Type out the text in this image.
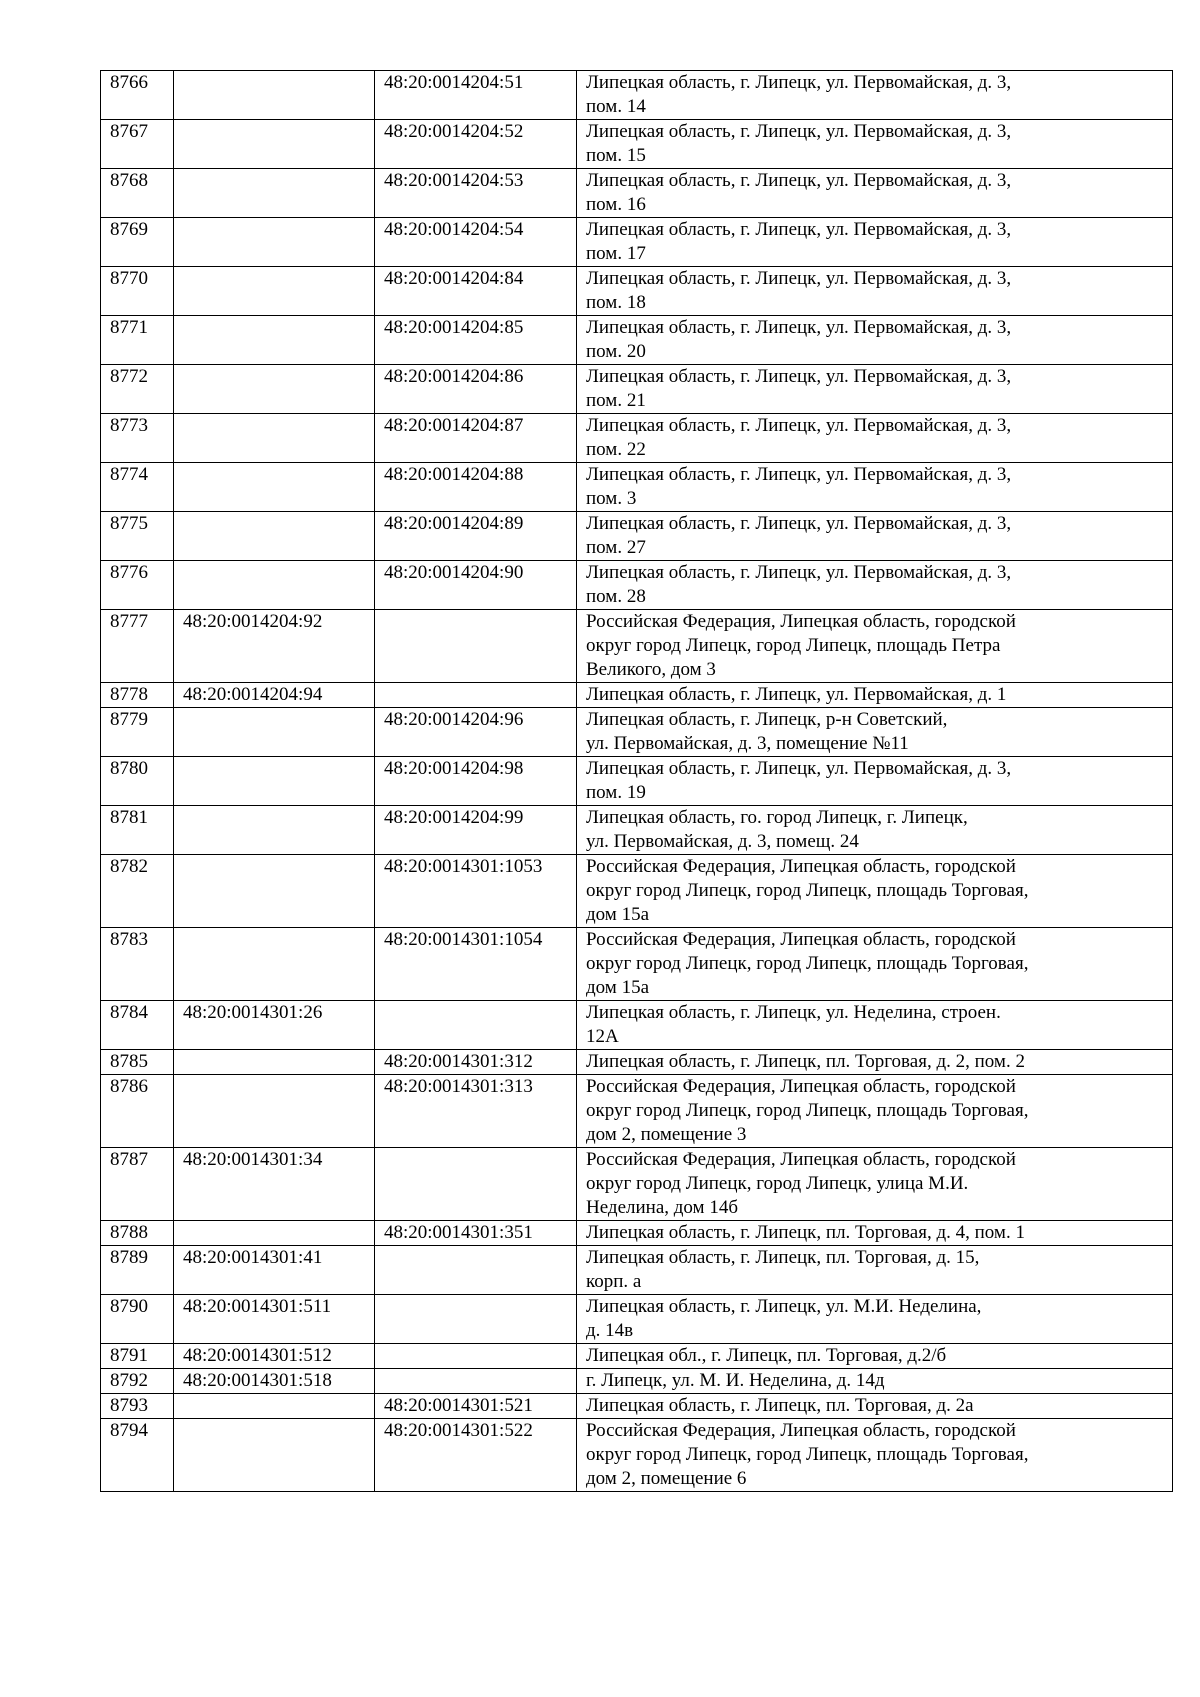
8766		48:20:0014204:51	Липецкая область, г. Липецк, ул. Первомайская, д. 3,
пом. 14
8767		48:20:0014204:52	Липецкая область, г. Липецк, ул. Первомайская, д. 3,
пом. 15
8768		48:20:0014204:53	Липецкая область, г. Липецк, ул. Первомайская, д. 3,
пом. 16
8769		48:20:0014204:54	Липецкая область, г. Липецк, ул. Первомайская, д. 3,
пом. 17
8770		48:20:0014204:84	Липецкая область, г. Липецк, ул. Первомайская, д. 3,
пом. 18
8771		48:20:0014204:85	Липецкая область, г. Липецк, ул. Первомайская, д. 3,
пом. 20
8772		48:20:0014204:86	Липецкая область, г. Липецк, ул. Первомайская, д. 3,
пом. 21
8773		48:20:0014204:87	Липецкая область, г. Липецк, ул. Первомайская, д. 3,
пом. 22
8774		48:20:0014204:88	Липецкая область, г. Липецк, ул. Первомайская, д. 3,
пом. 3
8775		48:20:0014204:89	Липецкая область, г. Липецк, ул. Первомайская, д. 3,
пом. 27
8776		48:20:0014204:90	Липецкая область, г. Липецк, ул. Первомайская, д. 3,
пом. 28
8777	48:20:0014204:92		Российская Федерация, Липецкая область, городской
округ город Липецк, город Липецк, площадь Петра
Великого, дом 3
8778	48:20:0014204:94		Липецкая область, г. Липецк, ул. Первомайская, д. 1
8779		48:20:0014204:96	Липецкая область, г. Липецк, р-н Советский,
ул. Первомайская, д. 3, помещение №11
8780		48:20:0014204:98	Липецкая область, г. Липецк, ул. Первомайская, д. 3,
пом. 19
8781		48:20:0014204:99	Липецкая область, го. город Липецк, г. Липецк,
ул. Первомайская, д. 3, помещ. 24
8782		48:20:0014301:1053	Российская Федерация, Липецкая область, городской
округ город Липецк, город Липецк, площадь Торговая,
дом 15а
8783		48:20:0014301:1054	Российская Федерация, Липецкая область, городской
округ город Липецк, город Липецк, площадь Торговая,
дом 15а
8784	48:20:0014301:26		Липецкая область, г. Липецк, ул. Неделина, строен.
12А
8785		48:20:0014301:312	Липецкая область, г. Липецк, пл. Торговая, д. 2, пом. 2
8786		48:20:0014301:313	Российская Федерация, Липецкая область, городской
округ город Липецк, город Липецк, площадь Торговая,
дом 2, помещение 3
8787	48:20:0014301:34		Российская Федерация, Липецкая область, городской
округ город Липецк, город Липецк, улица М.И.
Неделина, дом 14б
8788		48:20:0014301:351	Липецкая область, г. Липецк, пл. Торговая, д. 4, пом. 1
8789	48:20:0014301:41		Липецкая область, г. Липецк, пл. Торговая, д. 15,
корп. а
8790	48:20:0014301:511		Липецкая область, г. Липецк, ул. М.И. Неделина,
д. 14в
8791	48:20:0014301:512		Липецкая обл., г. Липецк, пл. Торговая, д.2/б
8792	48:20:0014301:518		г. Липецк, ул. М. И. Неделина, д. 14д
8793		48:20:0014301:521	Липецкая область, г. Липецк, пл. Торговая, д. 2а
8794		48:20:0014301:522	Российская Федерация, Липецкая область, городской
округ город Липецк, город Липецк, площадь Торговая,
дом 2, помещение 6
